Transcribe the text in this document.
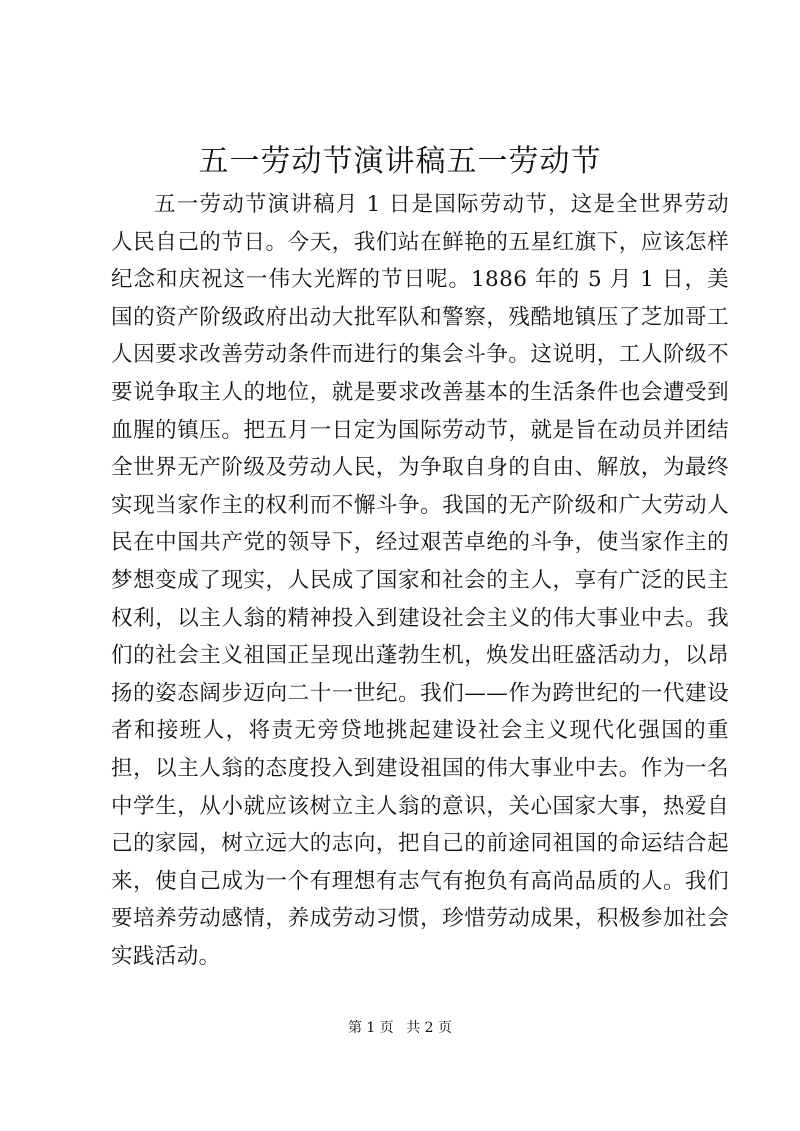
五一劳动节演讲稿五一劳动节

五一劳动节演讲稿月 1 日是国际劳动节，这是全世界劳动人民自己的节日。今天，我们站在鲜艳的五星红旗下，应该怎样纪念和庆祝这一伟大光辉的节日呢。1886 年的 5 月 1 日，美国的资产阶级政府出动大批军队和警察，残酷地镇压了芝加哥工人因要求改善劳动条件而进行的集会斗争。这说明，工人阶级不要说争取主人的地位，就是要求改善基本的生活条件也会遭受到血腥的镇压。把五月一日定为国际劳动节，就是旨在动员并团结全世界无产阶级及劳动人民，为争取自身的自由、解放，为最终实现当家作主的权利而不懈斗争。我国的无产阶级和广大劳动人民在中国共产党的领导下，经过艰苦卓绝的斗争，使当家作主的梦想变成了现实，人民成了国家和社会的主人，享有广泛的民主权利，以主人翁的精神投入到建设社会主义的伟大事业中去。我们的社会主义祖国正呈现出蓬勃生机，焕发出旺盛活动力，以昂扬的姿态阔步迈向二十一世纪。我们——作为跨世纪的一代建设者和接班人，将责无旁贷地挑起建设社会主义现代化强国的重担，以主人翁的态度投入到建设祖国的伟大事业中去。作为一名中学生，从小就应该树立主人翁的意识，关心国家大事，热爱自己的家园，树立远大的志向，把自己的前途同祖国的命运结合起来，使自己成为一个有理想有志气有抱负有高尚品质的人。我们要培养劳动感情，养成劳动习惯，珍惜劳动成果，积极参加社会实践活动。

第 1 页 共 2 页
